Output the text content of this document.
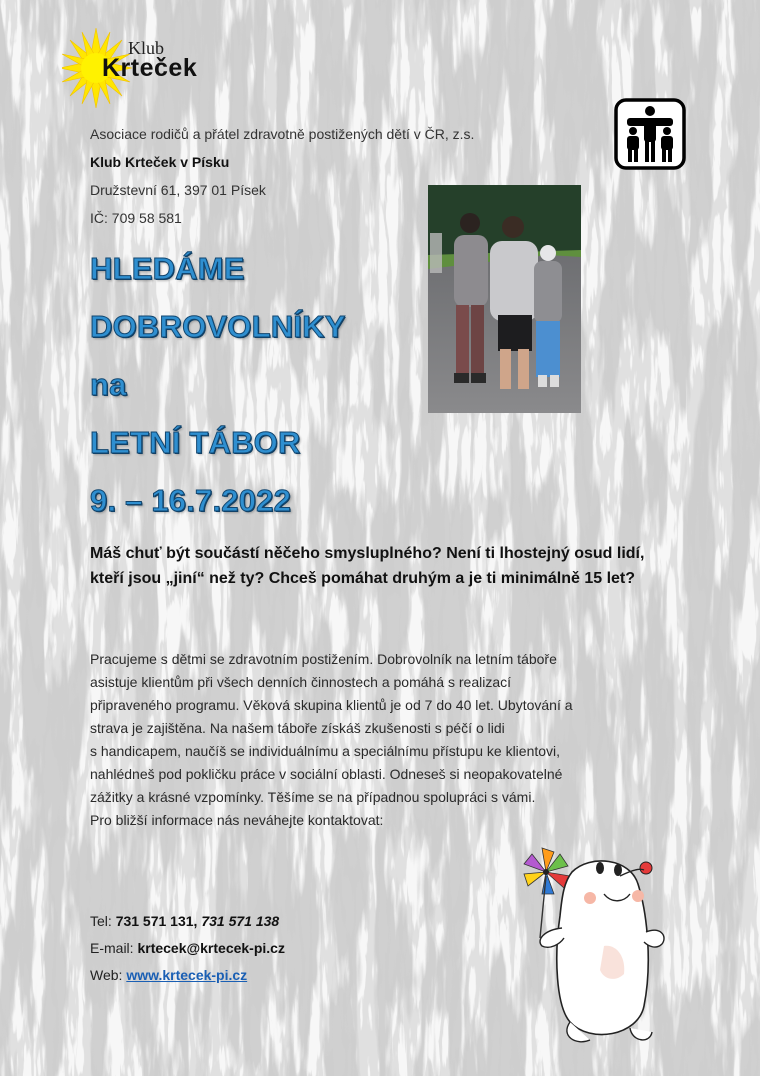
Klub
Krteček
Asociace rodičů a přátel zdravotně postižených dětí v ČR, z.s.
Klub Krteček v Písku
Družstevní 61, 397 01 Písek
IČ: 709 58 581
HLEDÁME
DOBROVOLNÍKY
na
LETNÍ TÁBOR
9. – 16.7.2022
Máš chuť být součástí něčeho smysluplného? Není ti lhostejný osud lidí, kteří jsou „jiní“ než ty? Chceš pomáhat druhým a je ti minimálně 15 let?

Pracujeme s dětmi se zdravotním postižením. Dobrovolník na letním táboře

asistuje klientům při všech denních činnostech a pomáhá s realizací

připraveného programu. Věková skupina klientů je od 7 do 40 let. Ubytování a

strava je zajištěna. Na našem táboře získáš zkušenosti s péčí o lidi

s handicapem, naučíš se individuálnímu a speciálnímu přístupu ke klientovi,

nahlédneš pod pokličku práce v sociální oblasti. Odneseš si neopakovatelné

zážitky a krásné vzpomínky. Těšíme se na případnou spolupráci s vámi.

Pro bližší informace nás neváhejte kontaktovat:

Tel: 731 571 131, 731 571 138
E-mail: krtecek@krtecek-pi.cz
Web: www.krtecek-pi.cz
